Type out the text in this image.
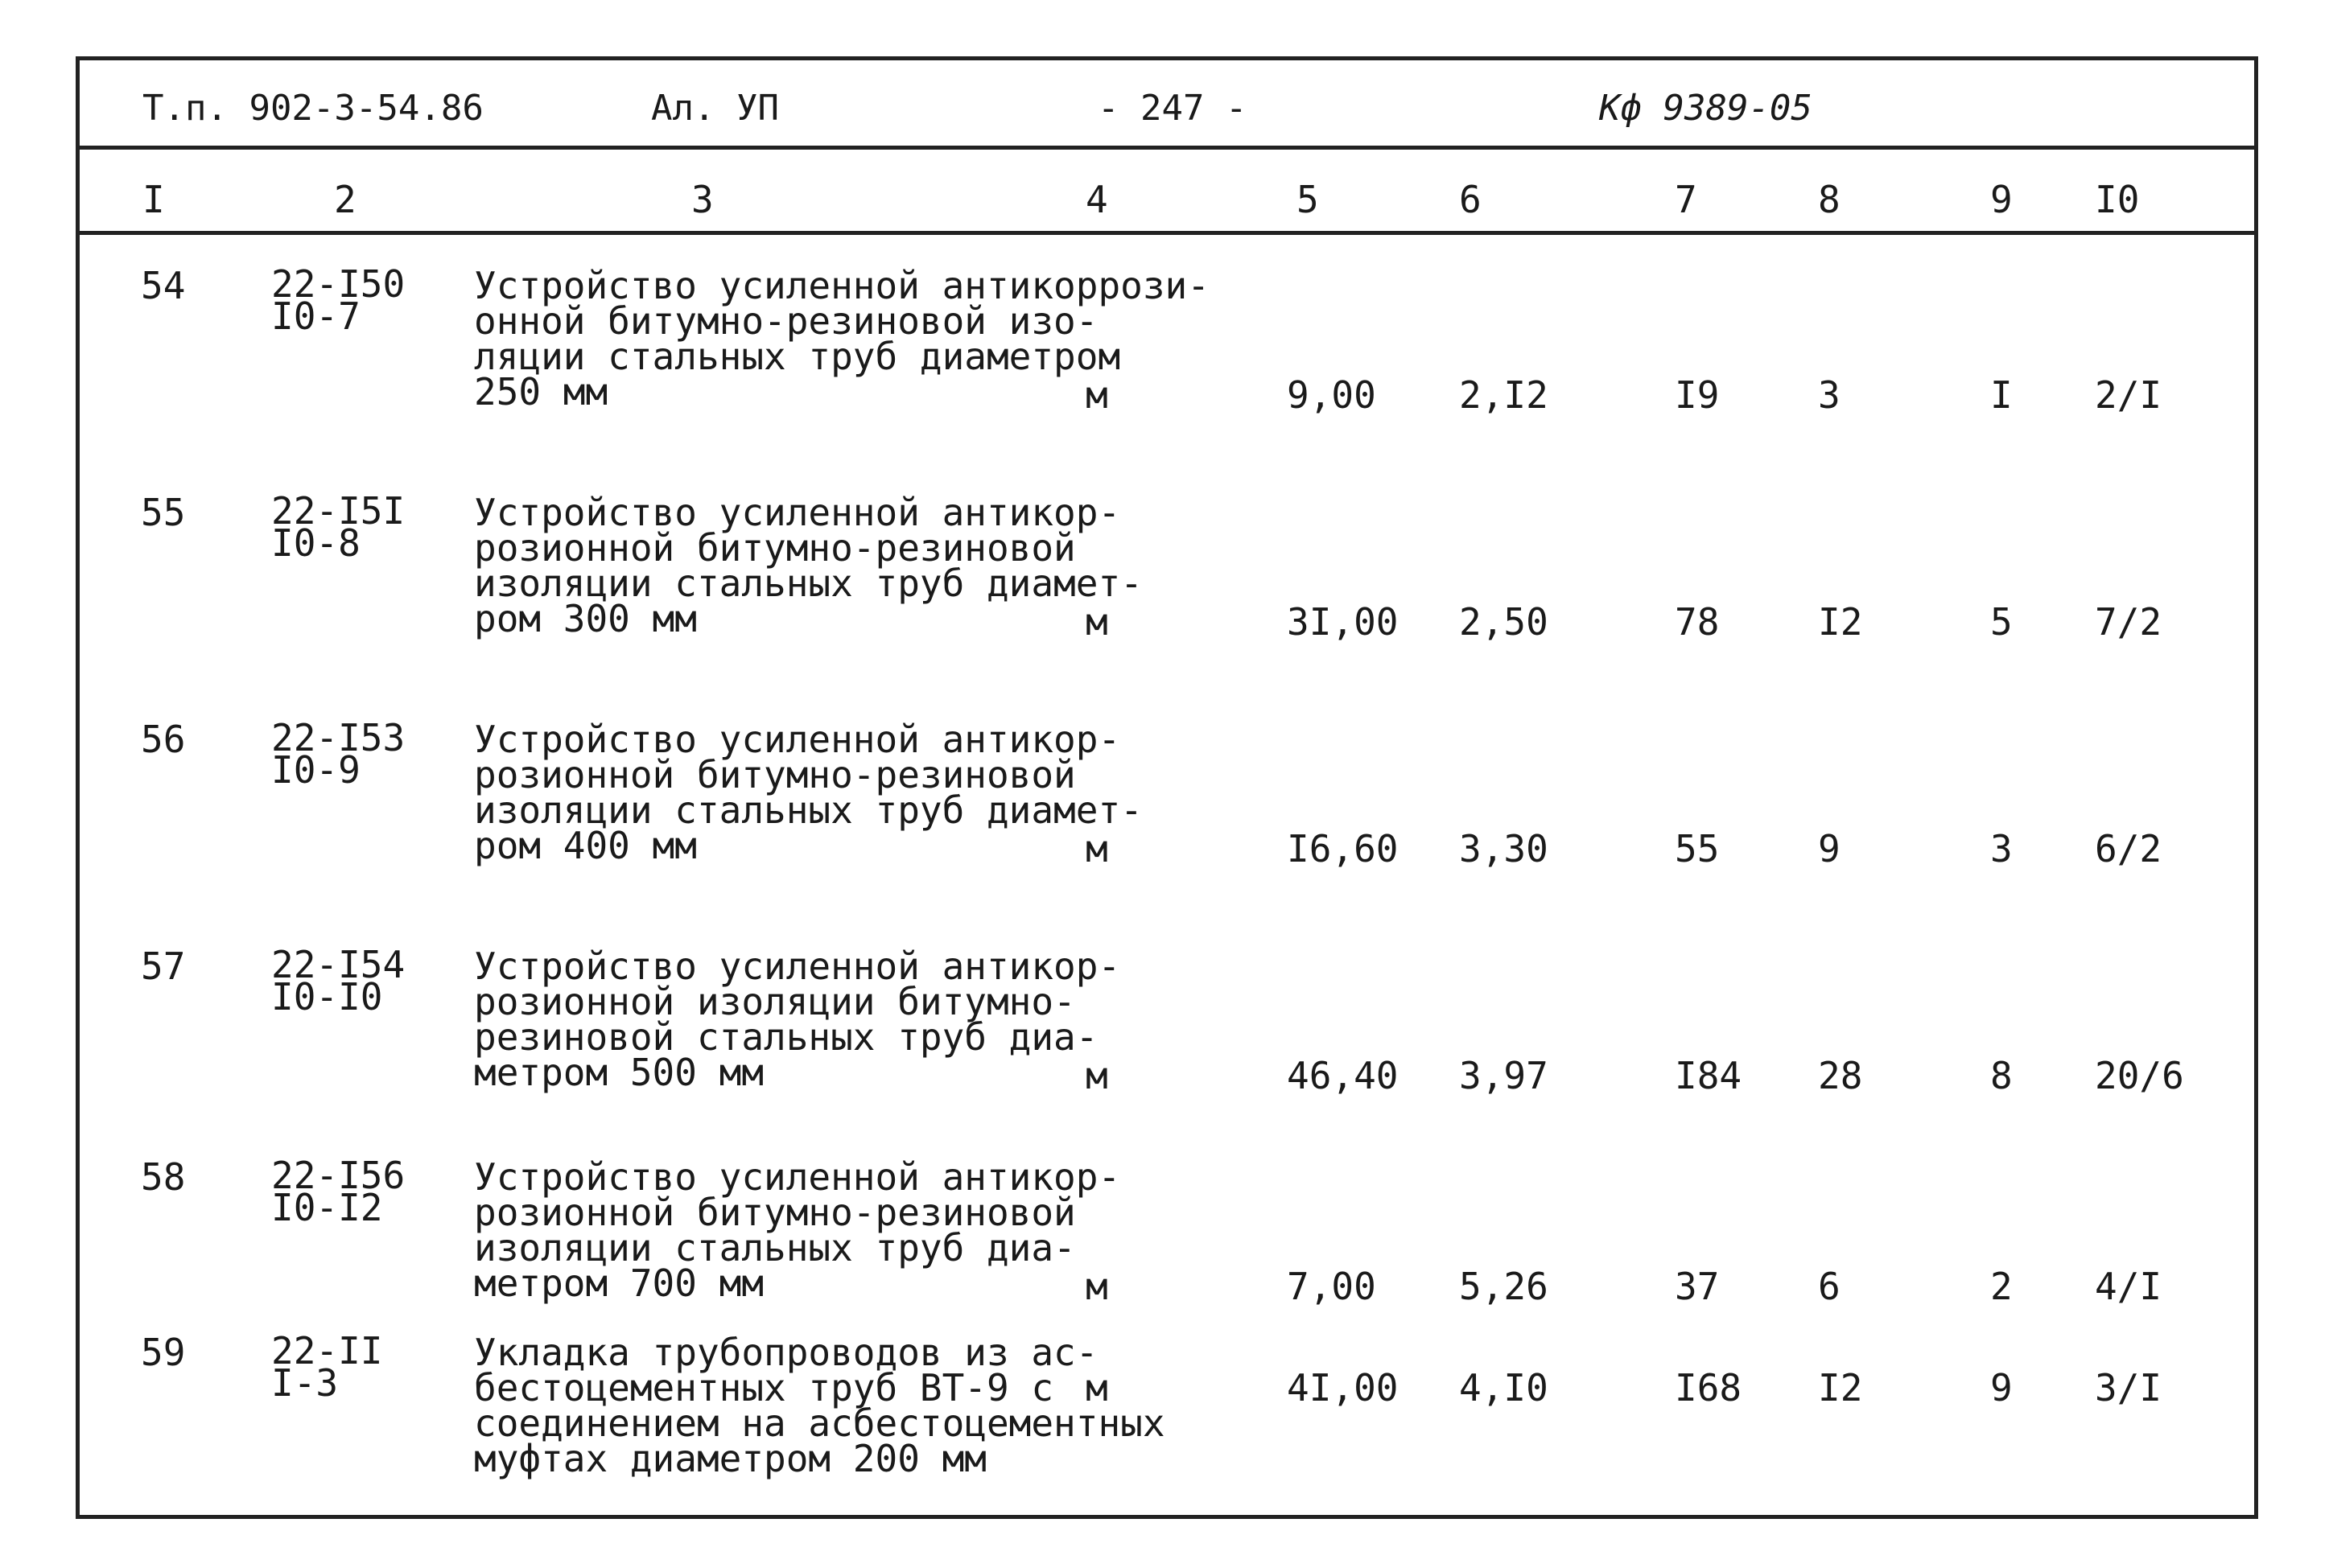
Т.п. 902-3-54.86	Ал. УП	- 247 -	Кф 9389-05
I	2	3	4	5	6	7	8	9 I0
54 22-I50
I0-7
Устройство усиленной антикоррози-
онной битумно-резиновой изо-
ляции стальных труб диаметром
250 мм	м	9,00 2,I2	I9	3	I 2/I
55 22-I5I
I0-8
Устройство усиленной антикор-
розионной битумно-резиновой
изоляции стальных труб диамет-
ром 300 мм	м	3I,00 2,50	78	I2	5 7/2
56 22-I53
I0-9
Устройство усиленной антикор-
розионной битумно-резиновой
изоляции стальных труб диамет-
ром 400 мм	м	I6,60 3,30	55	9	3 6/2
57 22-I54
I0-I0
Устройство усиленной антикор-
розионной изоляции битумно-
резиновой стальных труб диа-
метром 500 мм	м	46,40 3,97	I84 28	8 20/6
58 22-I56
I0-I2
Устройство усиленной антикор-
розионной битумно-резиновой
изоляции стальных труб диа-
метром 700 мм	м	7,00 5,26	37	6	2 4/I
59 22-II
I-3
Укладка трубопроводов из ас-
бестоцементных труб ВТ-9 с
соединением на асбестоцементных
муфтах диаметром 200 мм
м	4I,00 4,I0	I68 I2	9 3/I
